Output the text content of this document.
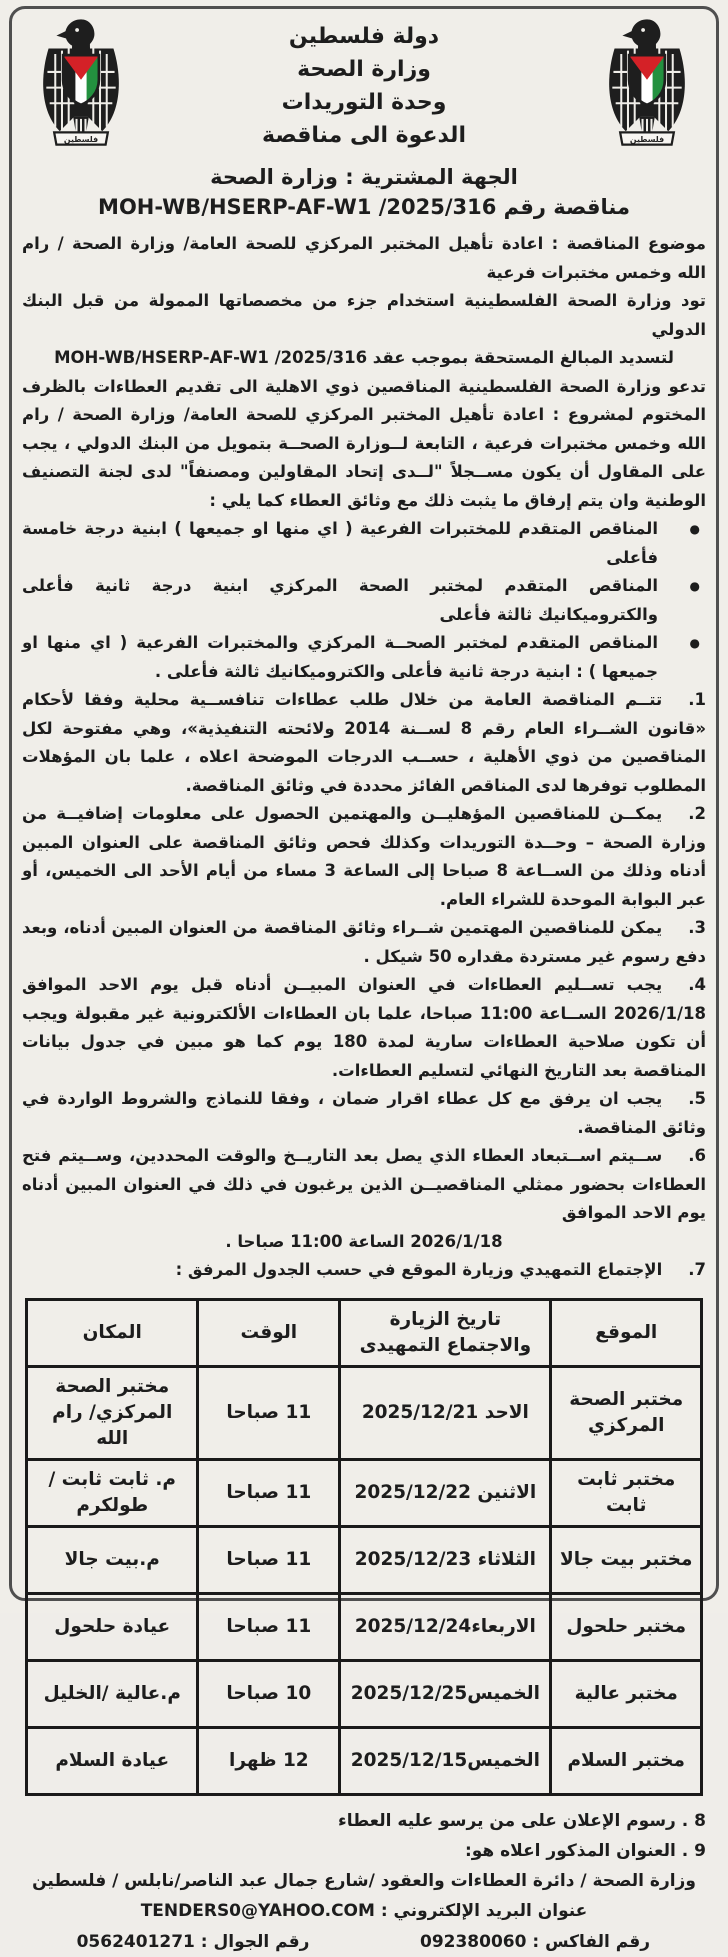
فلسطين
دولة فلسطين
وزارة الصحة
وحدة التوريدات
الدعوة الى مناقصة
فلسطين
الجهة المشترية : وزارة الصحة
مناقصة رقم MOH-WB/HSERP-AF-W1 /2025/316

موضوع المناقصة : اعادة تأهيل المختبر المركزي للصحة العامة/ وزارة الصحة / رام الله وخمس مختبرات فرعية

تود وزارة الصحة الفلسطينية استخدام جزء من مخصصاتها الممولة من قبل البنك الدولي

لتسديد المبالغ المستحقة بموجب عقد MOH-WB/HSERP-AF-W1 /2025/316

تدعو وزارة الصحة الفلسطينية المناقصين ذوي الاهلية الى تقديم العطاءات بالظرف المختوم لمشروع : اعادة تأهيل المختبر المركزي للصحة العامة/ وزارة الصحة / رام الله وخمس مختبرات فرعية ، التابعة لــوزارة الصحــة بتمويل من البنك الدولي ، يجب على المقاول أن يكون مســجلاً "لــدى إتحاد المقاولين ومصنفاً" لدى لجنة التصنيف الوطنية وان يتم إرفاق ما يثبت ذلك مع وثائق العطاء كما يلي :

●

المناقص المتقدم للمختبرات الفرعية ( اي منها او جميعها ) ابنية درجة خامسة فأعلى

●

المناقص المتقدم لمختبر الصحة المركزي ابنية درجة ثانية فأعلى والكتروميكانيك ثالثة فأعلى

●

المناقص المتقدم لمختبر الصحــة المركزي والمختبرات الفرعية ( اي منها او جميعها ) : ابنية درجة ثانية فأعلى والكتروميكانيك ثالثة فأعلى .

1.تتــم المناقصة العامة من خلال طلب عطاءات تنافســية محلية وفقا لأحكام «قانون الشــراء العام رقم 8 لســنة 2014 ولائحته التنفيذية»، وهي مفتوحة لكل المناقصين من ذوي الأهلية ، حســب الدرجات الموضحة اعلاه ، علما بان المؤهلات المطلوب توفرها لدى المناقص الفائز محددة في وثائق المناقصة.

2.يمكــن للمناقصين المؤهليــن والمهتمين الحصول على معلومات إضافيــة من وزارة الصحة – وحــدة التوريدات وكذلك فحص وثائق المناقصة على العنوان المبين أدناه وذلك من الســاعة 8 صباحا إلى الساعة 3 مساء من أيام الأحد الى الخميس، أو عبر البوابة الموحدة للشراء العام.

3.يمكن للمناقصين المهتمين شــراء وثائق المناقصة من العنوان المبين أدناه، وبعد دفع رسوم غير مستردة مقداره 50 شيكل .

4.يجب تســليم العطاءات في العنوان المبيــن أدناه قبل يوم الاحد الموافق 2026/1/18 الســاعة 11:00 صباحا، علما بان العطاءات الألكترونية غير مقبولة ويجب أن تكون صلاحية العطاءات سارية لمدة 180 يوم كما هو مبين في جدول بيانات المناقصة بعد التاريخ النهائي لتسليم العطاءات.

5.يجب ان يرفق مع كل عطاء اقرار ضمان ، وفقا للنماذج والشروط الواردة في وثائق المناقصة.

6.ســيتم اســتبعاد العطاء الذي يصل بعد التاريــخ والوقت المحددين، وســيتم فتح العطاءات بحضور ممثلي المناقصيــن الذين يرغبون في ذلك في العنوان المبين أدناه يوم الاحد الموافق

2026/1/18 الساعة 11:00 صباحا .

7.الإجتماع التمهيدي وزيارة الموقع في حسب الجدول المرفق :

الموقع	تاريخ الزيارة والاجتماع التمهيدى	الوقت	المكان
مختبر الصحة المركزي	الاحد 2025/12/21	11 صباحا	مختبر الصحة المركزي/ رام الله
مختبر ثابت ثابت	الاثنين 2025/12/22	11 صباحا	م. ثابت ثابت / طولكرم
مختبر بيت جالا	الثلاثاء 2025/12/23	11 صباحا	م.بيت جالا
مختبر حلحول	الاربعاء2025/12/24	11 صباحا	عيادة حلحول
مختبر عالية	الخميس2025/12/25	10 صباحا	م.عالية /الخليل
مختبر السلام	الخميس2025/12/15	12 ظهرا	عيادة السلام
8 . رسوم الإعلان على من يرسو عليه العطاء
9 . العنوان المذكور اعلاه هو:
وزارة الصحة / دائرة العطاءات والعقود /شارع جمال عبد الناصر/نابلس / فلسطين
عنوان البريد الإلكتروني : TENDERS0@YAHOO.COM
رقم الفاكس : 092380060
رقم الجوال : 0562401271
